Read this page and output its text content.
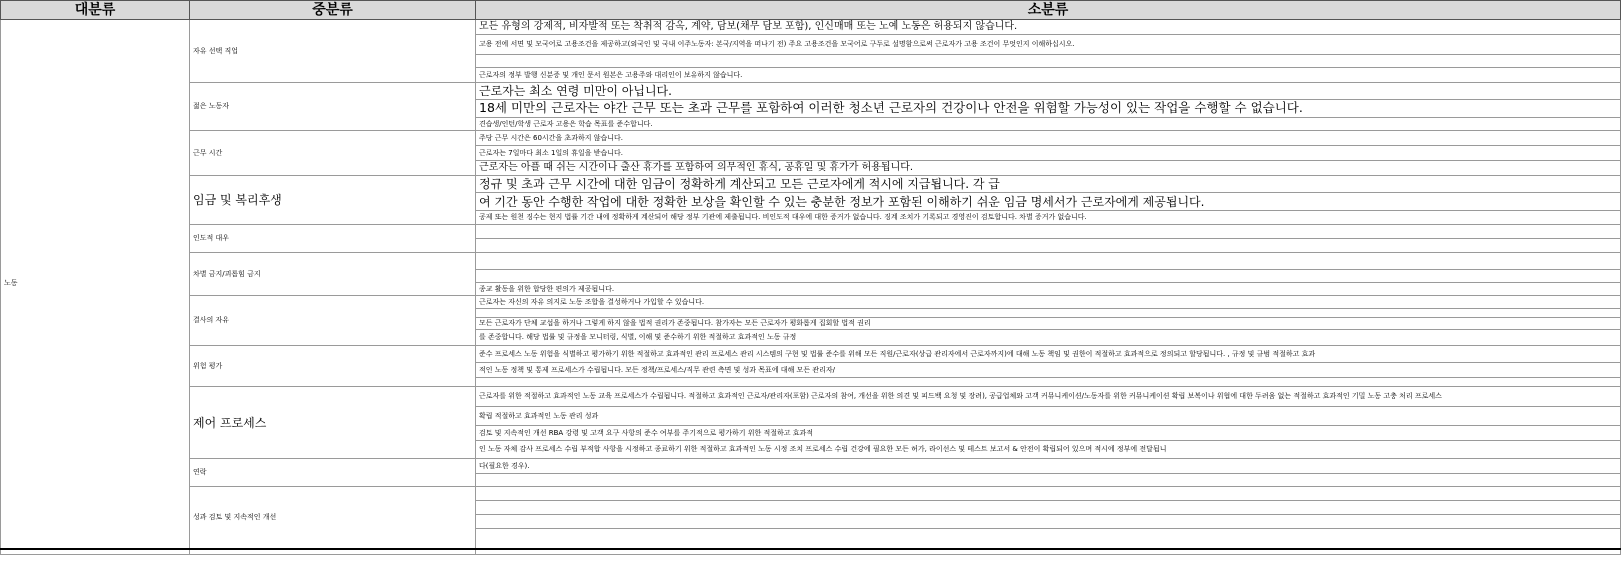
대분류	중분류	소분류
노동	자유 선택 직업	모든 유형의 강제적, 비자발적 또는 착취적 감옥, 계약, 담보(채무 담보 포함), 인신매매 또는 노예 노동은 허용되지 않습니다.
		고용 전에 서면 및 모국어로 고용조건을 제공하고(외국인 및 국내 이주노동자: 본국/지역을 떠나기 전) 주요 고용조건을 모국어로 구두로 설명함으로써 근로자가 고용 조건이 무엇인지 이해하십시오.

		근로자의 정부 발행 신분증 및 개인 문서 원본은 고용주와 대리인이 보유하지 않습니다.
	젊은 노동자	근로자는 최소 연령 미만이 아닙니다.
		18세 미만의 근로자는 야간 근무 또는 초과 근무를 포함하여 이러한 청소년 근로자의 건강이나 안전을 위험할 가능성이 있는 작업을 수행할 수 없습니다.
		견습생/인턴/학생 근로자 고용은 학습 목표를 준수합니다.
	근무 시간	주당 근무 시간은 60시간을 초과하지 않습니다.
		근로자는 7일마다 최소 1일의 휴일을 받습니다.
		근로자는 아플 때 쉬는 시간이나 출산 휴가를 포함하여 의무적인 휴식, 공휴일 및 휴가가 허용됩니다.
	임금 및 복리후생	정규 및 초과 근무 시간에 대한 임금이 정확하게 계산되고 모든 근로자에게 적시에 지급됩니다. 각 급
		여 기간 동안 수행한 작업에 대한 정확한 보상을 확인할 수 있는 충분한 정보가 포함된 이해하기 쉬운 임금 명세서가 근로자에게 제공됩니다.
		공제 또는 원천 징수는 현지 법률 기간 내에 정확하게 계산되어 해당 정부 기관에 제출됩니다. 비인도적 대우에 대한 증거가 없습니다. 징계 조치가 기록되고 경영진이 검토합니다. 차별 증거가 없습니다.
	인도적 대우	

	차별 금지/괴롭힘 금지	

		종교 활동을 위한 합당한 편의가 제공됩니다.
	결사의 자유	근로자는 자신의 자유 의지로 노동 조합을 결성하거나 가입할 수 있습니다.

		모든 근로자가 단체 교섭을 하거나 그렇게 하지 않을 법적 권리가 존중됩니다. 참가자는 모든 근로자가 평화롭게 집회할 법적 권리
		를 존중합니다. 해당 법률 및 규정을 모니터링, 식별, 이해 및 준수하기 위한 적절하고 효과적인 노동 규정
	위험 평가	준수 프로세스 노동 위험을 식별하고 평가하기 위한 적절하고 효과적인 관리 프로세스 관리 시스템의 구현 및 법률 준수를 위해 모든 직원/근로자(상급 관리자에서 근로자까지)에 대해 노동 책임 및 권한이 적절하고 효과적으로 정의되고 할당됩니다. , 규정 및 규범 적절하고 효과
		적인 노동 정책 및 통제 프로세스가 수립됩니다. 모든 정책/프로세스/직무 관련 측면 및 성과 목표에 대해 모든 관리자/

	제어 프로세스	근로자를 위한 적절하고 효과적인 노동 교육 프로세스가 수립됩니다. 적절하고 효과적인 근로자/관리자(포함) 근로자의 참여, 개선을 위한 의견 및 피드백 요청 및 장려), 공급업체와 고객 커뮤니케이션/노동자를 위한 커뮤니케이션 확립 보복이나 위협에 대한 두려움 없는 적절하고 효과적인 기밀 노동 고충 처리 프로세스
		확립 적절하고 효과적인 노동 관리 성과
		검토 및 지속적인 개선 RBA 강령 및 고객 요구 사항의 준수 여부를 주기적으로 평가하기 위한 적절하고 효과적
		인 노동 자체 감사 프로세스 수립 부적합 사항을 시정하고 종료하기 위한 적절하고 효과적인 노동 시정 조치 프로세스 수립 건강에 필요한 모든 허가, 라이선스 및 테스트 보고서 & 안전이 확립되어 있으며 적시에 정부에 전달됩니
	연락	다(필요한 경우).

	성과 검토 및 지속적인 개선	
